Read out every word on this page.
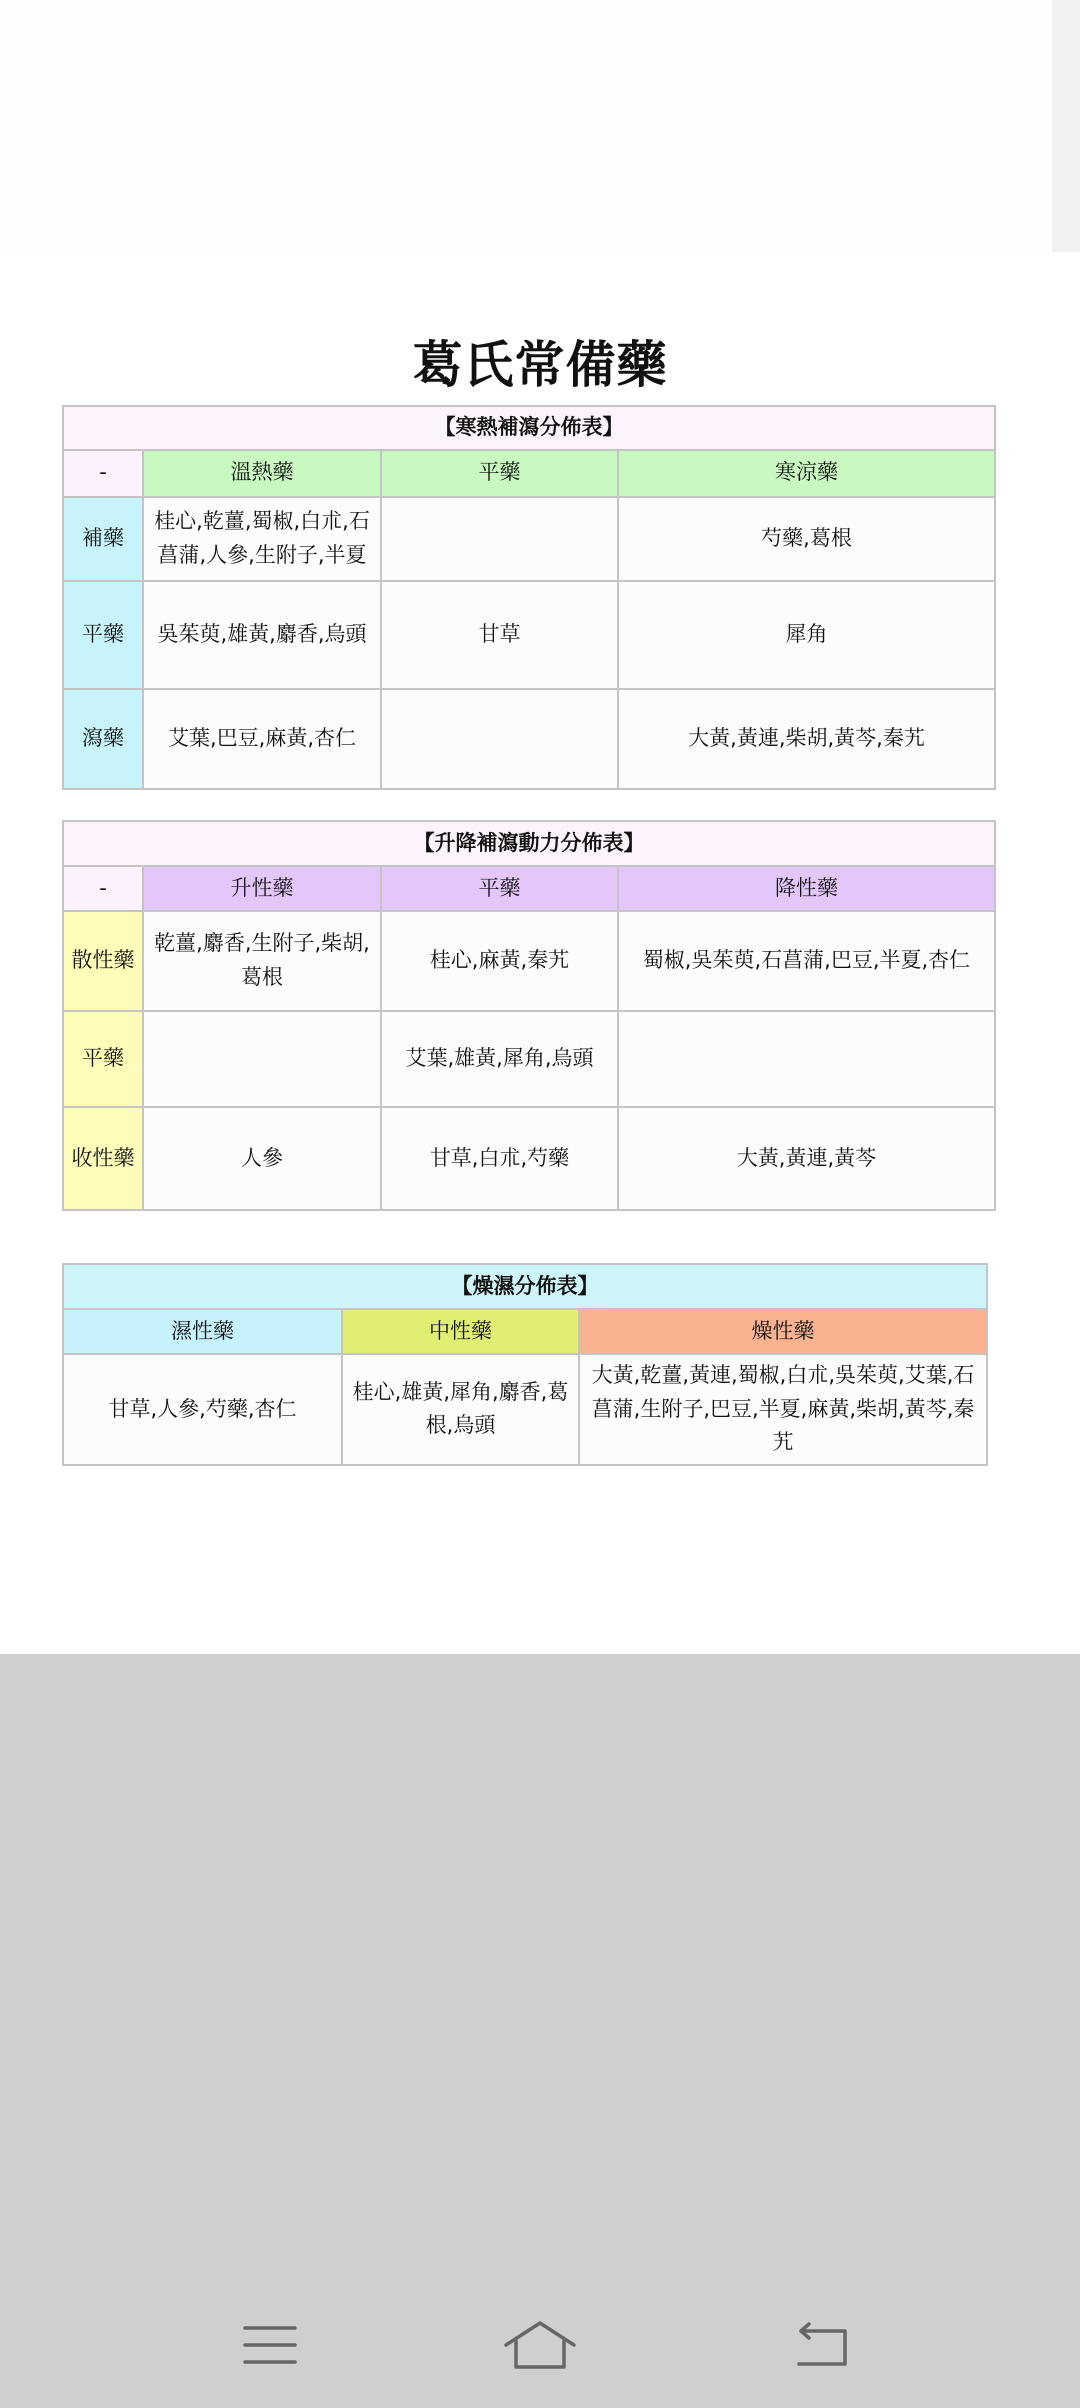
葛氏常備藥
【寒熱補瀉分佈表】			
-	溫熱藥	平藥	寒涼藥
補藥	桂心,乾薑,蜀椒,白朮,石菖蒲,人參,生附子,半夏		芍藥,葛根
平藥	吳茱萸,雄黃,麝香,烏頭	甘草	犀角
瀉藥	艾葉,巴豆,麻黃,杏仁		大黃,黃連,柴胡,黃芩,秦艽
【升降補瀉動力分佈表】			
-	升性藥	平藥	降性藥
散性藥	乾薑,麝香,生附子,柴胡,葛根	桂心,麻黃,秦艽	蜀椒,吳茱萸,石菖蒲,巴豆,半夏,杏仁
平藥		艾葉,雄黃,犀角,烏頭	
收性藥	人參	甘草,白朮,芍藥	大黃,黃連,黃芩
【燥濕分佈表】		
濕性藥	中性藥	燥性藥
甘草,人參,芍藥,杏仁	桂心,雄黃,犀角,麝香,葛根,烏頭	大黃,乾薑,黃連,蜀椒,白朮,吳茱萸,艾葉,石菖蒲,生附子,巴豆,半夏,麻黃,柴胡,黃芩,秦艽
